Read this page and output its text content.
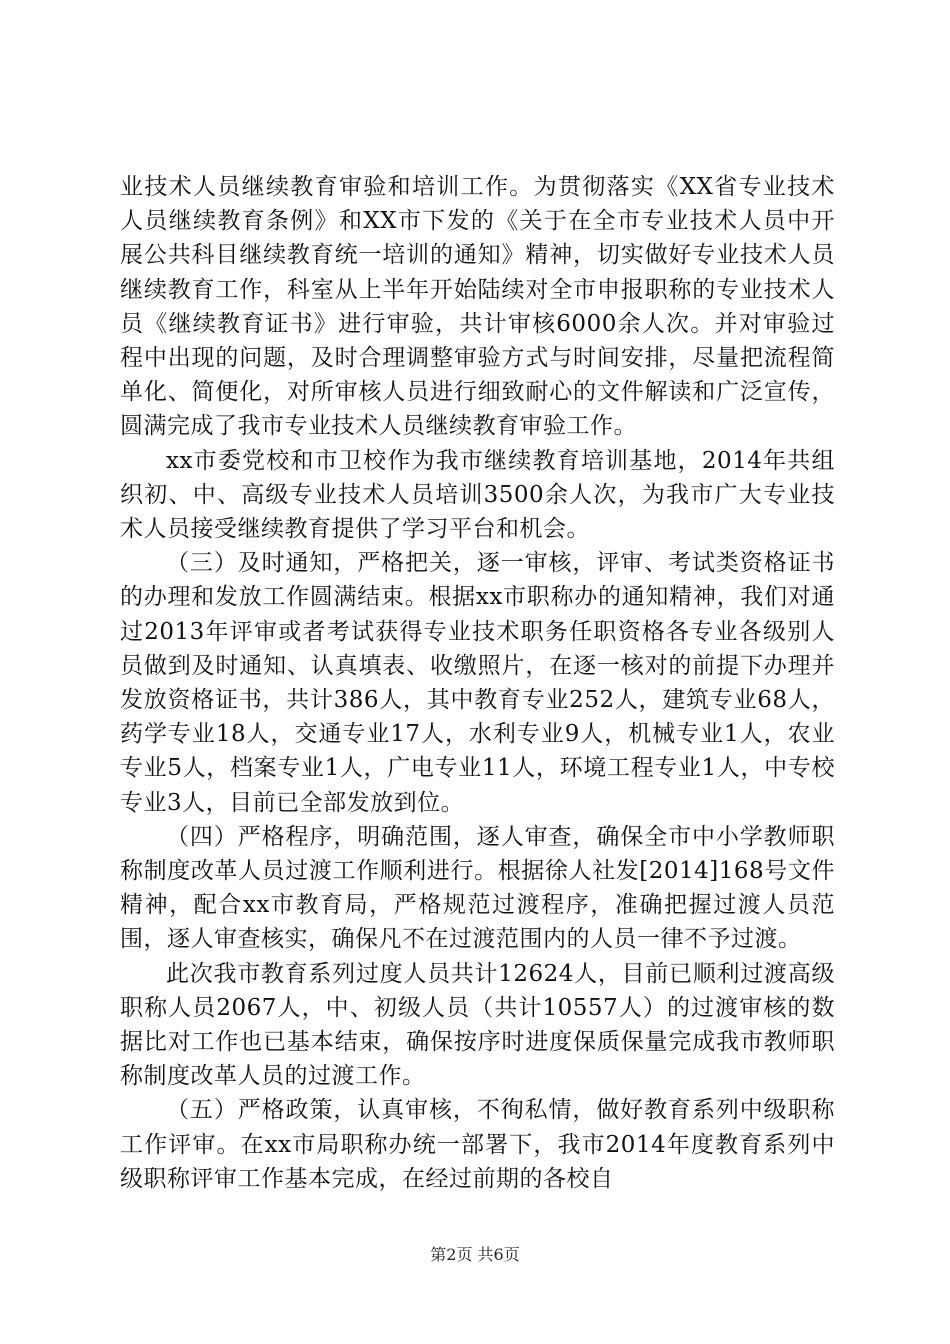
业技术人员继续教育审验和培训工作。为贯彻落实《XX省专业技术人员继续教育条例》和XX市下发的《关于在全市专业技术人员中开展公共科目继续教育统一培训的通知》精神，切实做好专业技术人员继续教育工作，科室从上半年开始陆续对全市申报职称的专业技术人员《继续教育证书》进行审验，共计审核6000余人次。并对审验过程中出现的问题，及时合理调整审验方式与时间安排，尽量把流程简单化、简便化，对所审核人员进行细致耐心的文件解读和广泛宣传，圆满完成了我市专业技术人员继续教育审验工作。

xx市委党校和市卫校作为我市继续教育培训基地，2014年共组织初、中、高级专业技术人员培训3500余人次，为我市广大专业技术人员接受继续教育提供了学习平台和机会。

（三）及时通知，严格把关，逐一审核，评审、考试类资格证书的办理和发放工作圆满结束。根据xx市职称办的通知精神，我们对通过2013年评审或者考试获得专业技术职务任职资格各专业各级别人员做到及时通知、认真填表、收缴照片，在逐一核对的前提下办理并发放资格证书，共计386人，其中教育专业252人，建筑专业68人，药学专业18人，交通专业17人，水利专业9人，机械专业1人，农业专业5人，档案专业1人，广电专业11人，环境工程专业1人，中专校专业3人，目前已全部发放到位。

（四）严格程序，明确范围，逐人审查，确保全市中小学教师职称制度改革人员过渡工作顺利进行。根据徐人社发[2014]168号文件精神，配合xx市教育局，严格规范过渡程序，准确把握过渡人员范围，逐人审查核实，确保凡不在过渡范围内的人员一律不予过渡。

此次我市教育系列过度人员共计12624人，目前已顺利过渡高级职称人员2067人，中、初级人员（共计10557人）的过渡审核的数据比对工作也已基本结束，确保按序时进度保质保量完成我市教师职称制度改革人员的过渡工作。

（五）严格政策，认真审核，不徇私情，做好教育系列中级职称工作评审。在xx市局职称办统一部署下，我市2014年度教育系列中级职称评审工作基本完成，在经过前期的各校自

第2页 共6页
